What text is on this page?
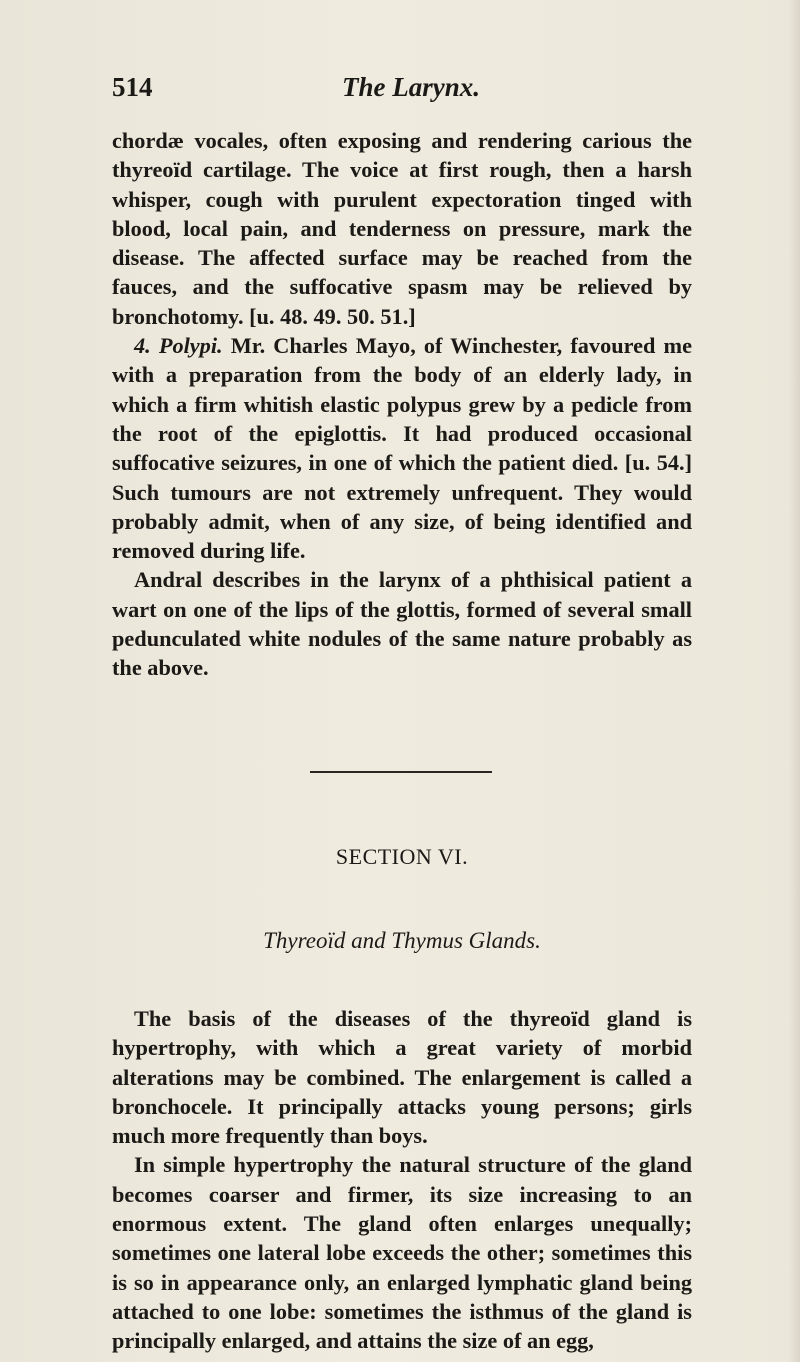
514	The Larynx.

chordæ vocales, often exposing and rendering carious the thyreoïd cartilage. The voice at first rough, then a harsh whisper, cough with purulent expectoration tinged with blood, local pain, and tenderness on pressure, mark the disease. The affected surface may be reached from the fauces, and the suffocative spasm may be relieved by bronchotomy. [u. 48. 49. 50. 51.]

4. Polypi. Mr. Charles Mayo, of Winchester, favoured me with a preparation from the body of an elderly lady, in which a firm whitish elastic polypus grew by a pedicle from the root of the epiglottis. It had produced occasional suffocative seizures, in one of which the patient died. [u. 54.] Such tumours are not extremely unfrequent. They would probably admit, when of any size, of being identified and removed during life.

Andral describes in the larynx of a phthisical patient a wart on one of the lips of the glottis, formed of several small pedunculated white nodules of the same nature probably as the above.

SECTION VI.
Thyreoïd and Thymus Glands.

The basis of the diseases of the thyreoïd gland is hypertrophy, with which a great variety of morbid alterations may be combined. The enlargement is called a bronchocele. It principally attacks young persons; girls much more frequently than boys.

In simple hypertrophy the natural structure of the gland becomes coarser and firmer, its size increasing to an enormous extent. The gland often enlarges unequally; sometimes one lateral lobe exceeds the other; sometimes this is so in appearance only, an enlarged lymphatic gland being attached to one lobe: sometimes the isthmus of the gland is principally enlarged, and attains the size of an egg,
